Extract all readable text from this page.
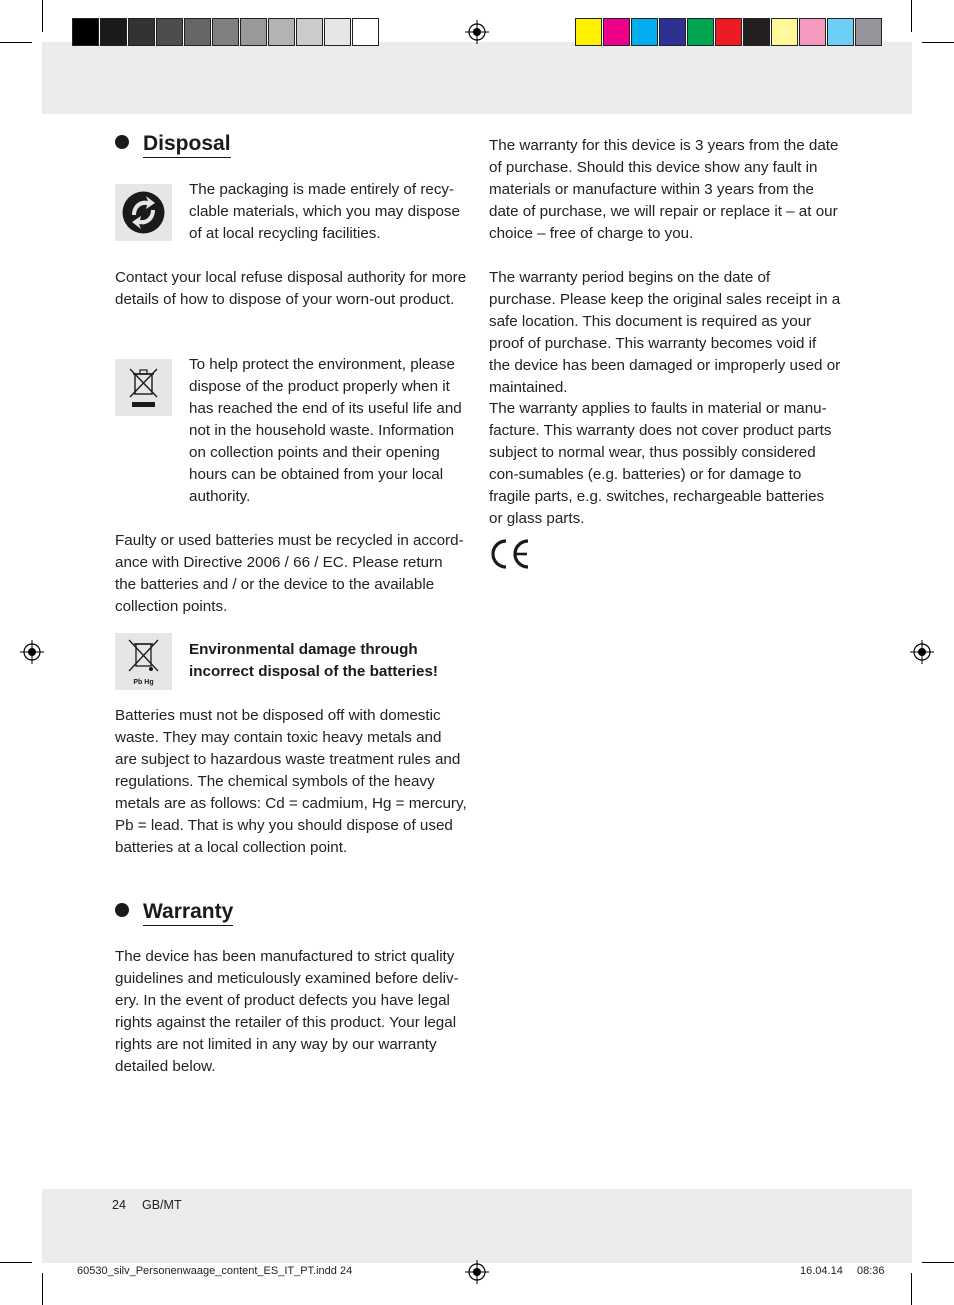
Disposal

The packaging is made entirely of recy-clable materials, which you may dispose of at local recycling facilities.

Contact your local refuse disposal authority for more details of how to dispose of your worn-out product.

To help protect the environment, please dispose of the product properly when it has reached the end of its useful life and not in the household waste. Information on collection points and their opening hours can be obtained from your local authority.

Faulty or used batteries must be recycled in accord-ance with Directive 2006 / 66 / EC. Please return the batteries and / or the device to the available collection points.

Pb Hg

Environmental damage through incorrect disposal of the batteries!

Batteries must not be disposed off with domestic waste. They may contain toxic heavy metals and are subject to hazardous waste treatment rules and regulations. The chemical symbols of the heavy metals are as follows: Cd = cadmium, Hg = mercury, Pb = lead. That is why you should dispose of used batteries at a local collection point.

Warranty

The device has been manufactured to strict quality guidelines and meticulously examined before deliv-ery. In the event of product defects you have legal rights against the retailer of this product. Your legal rights are not limited in any way by our warranty detailed below.

The warranty for this device is 3 years from the date of purchase. Should this device show any fault in materials or manufacture within 3 years from the date of purchase, we will repair or replace it – at our choice – free of charge to you.

The warranty period begins on the date of purchase. Please keep the original sales receipt in a safe location. This document is required as your proof of purchase. This warranty becomes void if the device has been damaged or improperly used or maintained.

The warranty applies to faults in material or manu-facture. This warranty does not cover product parts subject to normal wear, thus possibly considered con-sumables (e.g. batteries) or for damage to fragile parts, e.g. switches, rechargeable batteries or glass parts.

24 GB/MT
60530_silv_Personenwaage_content_ES_IT_PT.indd 24	16.04.14 08:36
